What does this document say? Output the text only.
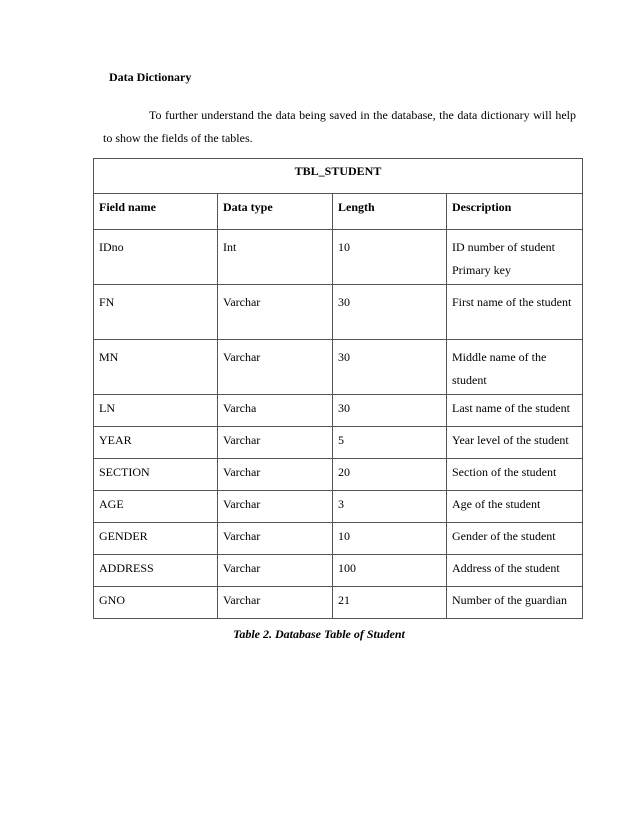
Data Dictionary
To further understand the data being saved in the database, the data dictionary will help to show the fields of the tables.
TBL_STUDENT			
Field name	Data type	Length	Description
IDno	Int	10	ID number of student Primary key
FN	Varchar	30	First name of the student
MN	Varchar	30	Middle name of the student
LN	Varcha	30	Last name of the student
YEAR	Varchar	5	Year level of the student
SECTION	Varchar	20	Section of the student
AGE	Varchar	3	Age of the student
GENDER	Varchar	10	Gender of the student
ADDRESS	Varchar	100	Address of the student
GNO	Varchar	21	Number of the guardian
Table 2. Database Table of Student
